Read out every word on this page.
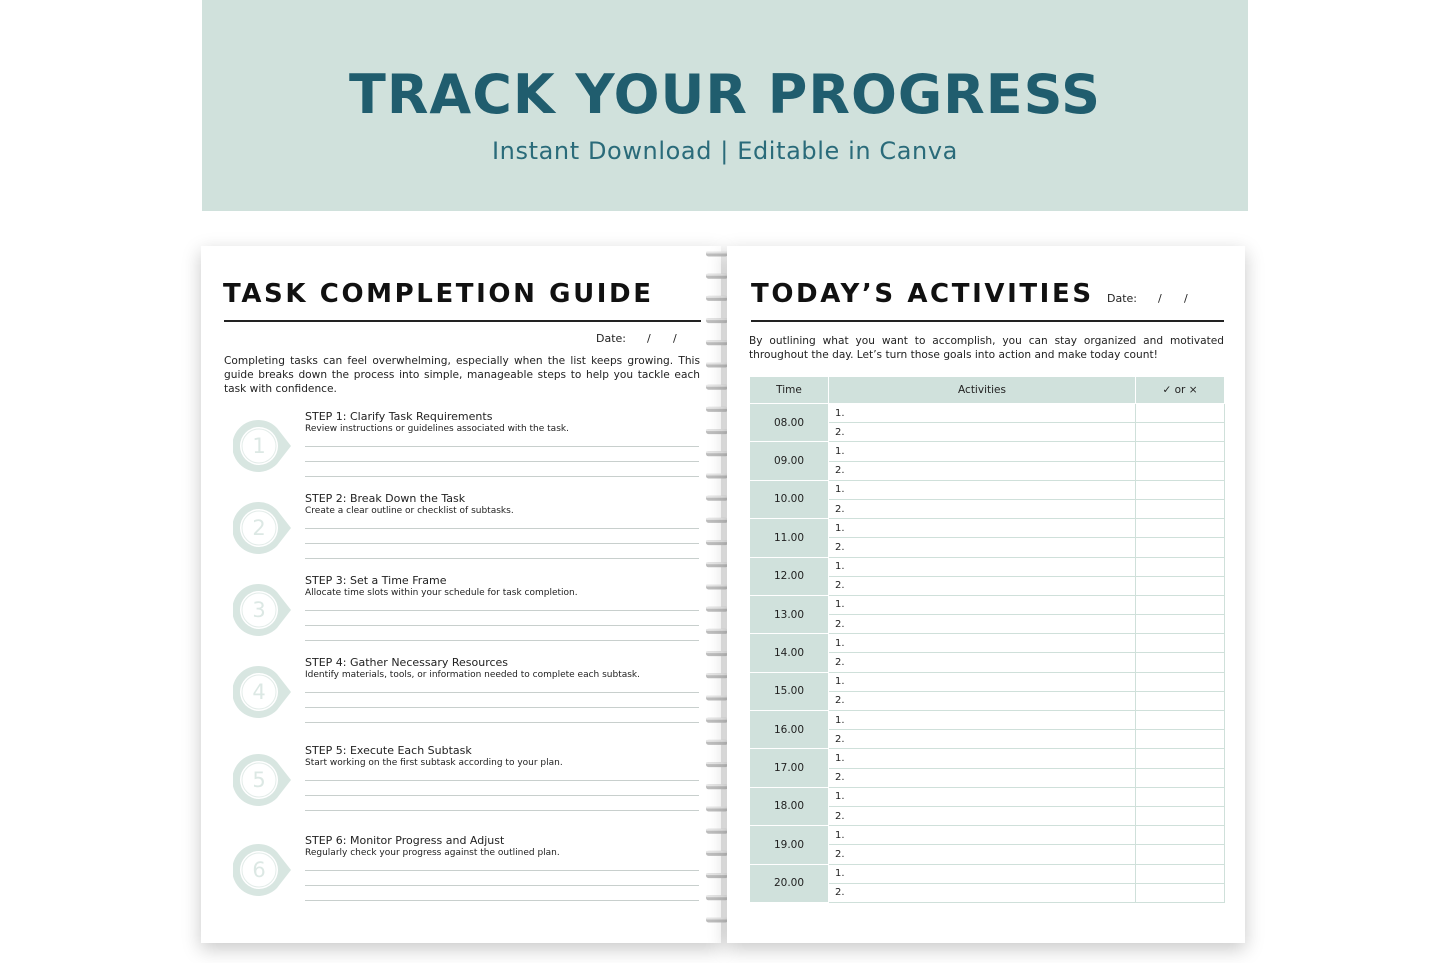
TRACK YOUR PROGRESS
Instant Download | Editable in Canva
TASK COMPLETION GUIDE
Date: / /
Completing tasks can feel overwhelming, especially when the list keeps growing. This guide breaks down the process into simple, manageable steps to help you tackle each task with confidence.
STEP 1: Clarify Task Requirements
Review instructions or guidelines associated with the task.
1
STEP 2: Break Down the Task
Create a clear outline or checklist of subtasks.
2
STEP 3: Set a Time Frame
Allocate time slots within your schedule for task completion.
3
STEP 4: Gather Necessary Resources
Identify materials, tools, or information needed to complete each subtask.
4
STEP 5: Execute Each Subtask
Start working on the first subtask according to your plan.
5
STEP 6: Monitor Progress and Adjust
Regularly check your progress against the outlined plan.
6
TODAY’S ACTIVITIES Date: / /
By outlining what you want to accomplish, you can stay organized and motivated throughout the day. Let’s turn those goals into action and make today count!
Time	Activities	✓ or ×
08.00	1.	
	2.	
09.00	1.	
	2.	
10.00	1.	
	2.	
11.00	1.	
	2.	
12.00	1.	
	2.	
13.00	1.	
	2.	
14.00	1.	
	2.	
15.00	1.	
	2.	
16.00	1.	
	2.	
17.00	1.	
	2.	
18.00	1.	
	2.	
19.00	1.	
	2.	
20.00	1.	
	2.	
